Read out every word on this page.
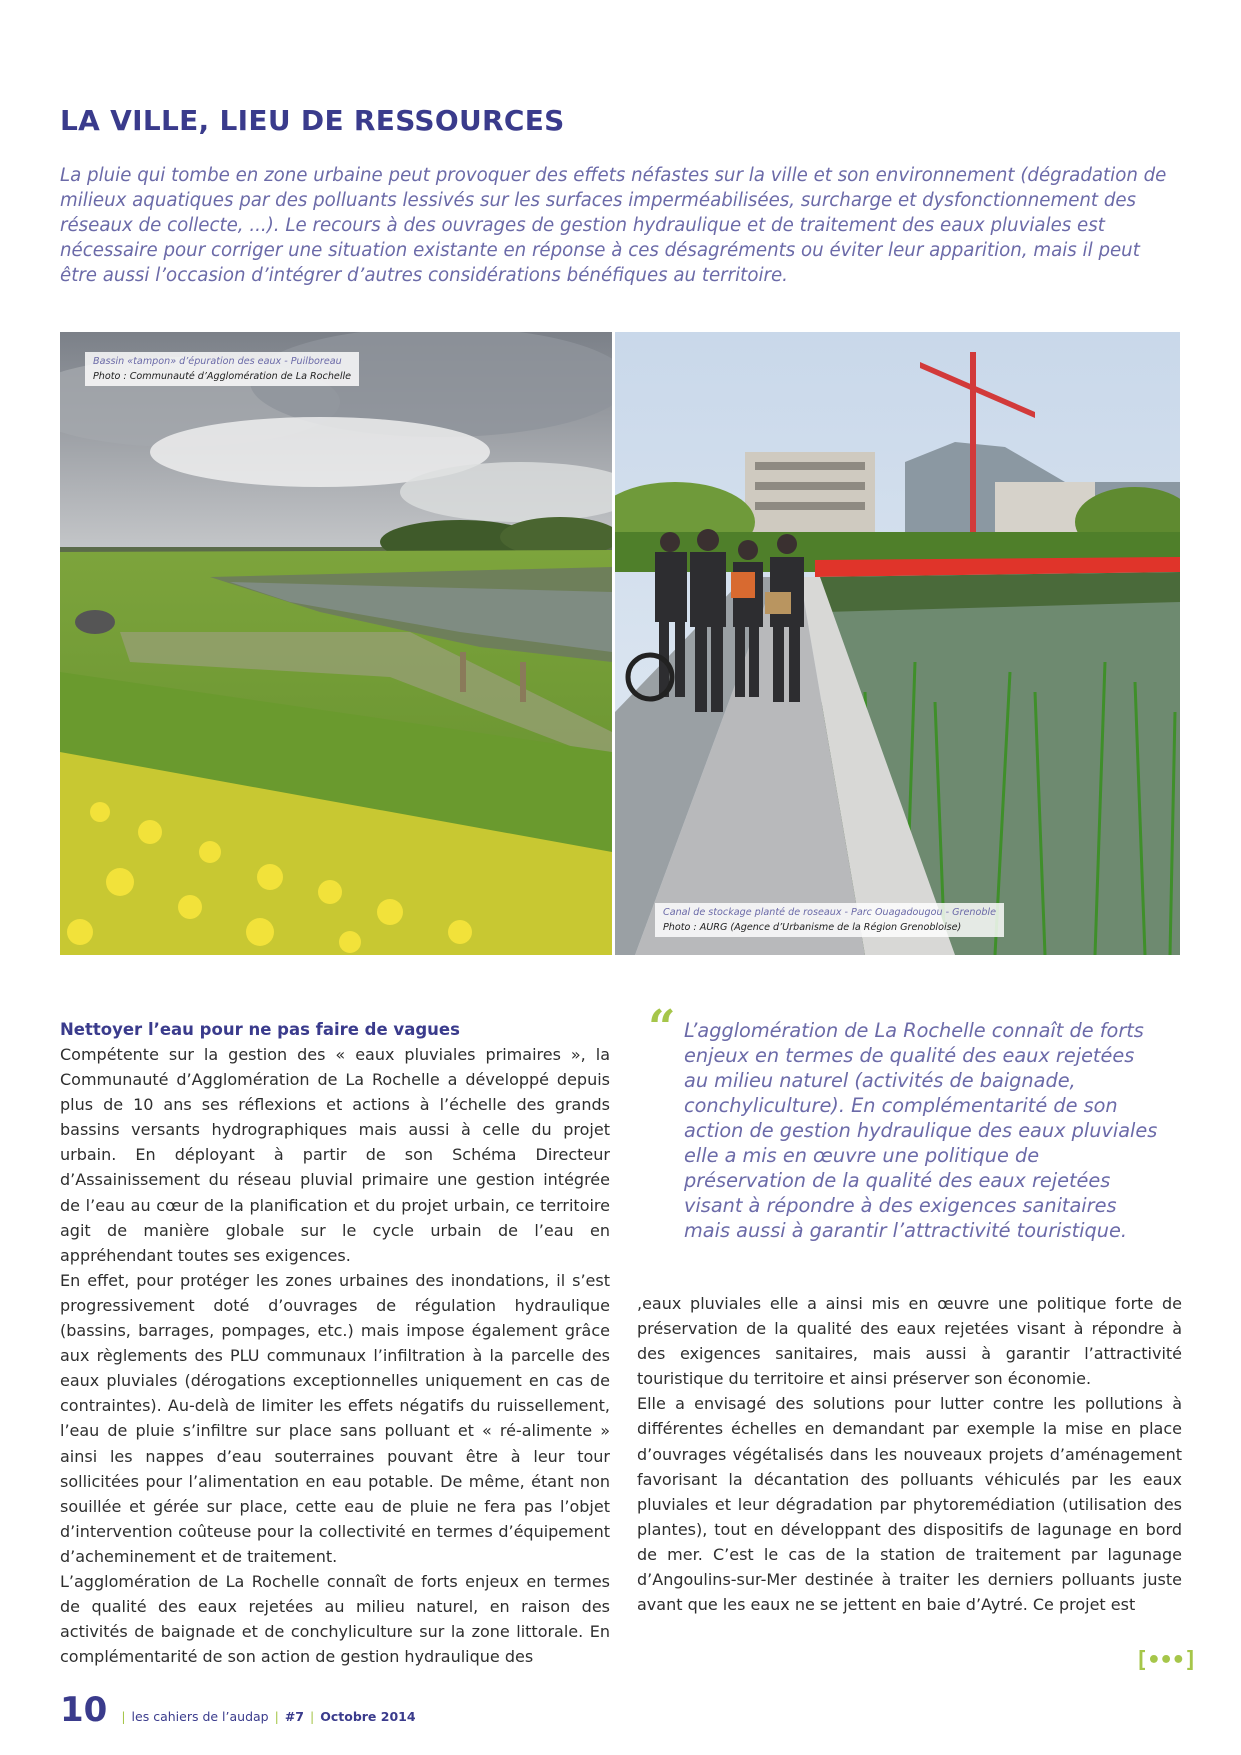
LA VILLE, LIEU DE RESSOURCES

La pluie qui tombe en zone urbaine peut provoquer des effets néfastes sur la ville et son environnement (dégradation de milieux aquatiques par des polluants lessivés sur les surfaces imperméabilisées, surcharge et dysfonctionnement des réseaux de collecte, ...). Le recours à des ouvrages de gestion hydraulique et de traitement des eaux pluviales est nécessaire pour corriger une situation existante en réponse à ces désagréments ou éviter leur apparition, mais il peut être aussi l’occasion d’intégrer d’autres considérations bénéfiques au territoire.

Bassin «tampon» d’épuration des eaux - Puilboreau
Photo : Communauté d’Agglomération de La Rochelle
Canal de stockage planté de roseaux - Parc Ouagadougou - Grenoble
Photo : AURG (Agence d’Urbanisme de la Région Grenobloise)
Nettoyer l’eau pour ne pas faire de vagues

Compétente sur la gestion des « eaux pluviales primaires », la Communauté d’Agglomération de La Rochelle a développé depuis plus de 10 ans ses réflexions et actions à l’échelle des grands bassins versants hydrographiques mais aussi à celle du projet urbain. En déployant à partir de son Schéma Directeur d’Assainissement du réseau pluvial primaire une gestion intégrée de l’eau au cœur de la planification et du projet urbain, ce territoire agit de manière globale sur le cycle urbain de l’eau en appréhendant toutes ses exigences.

En effet, pour protéger les zones urbaines des inondations, il s’est progressivement doté d’ouvrages de régulation hydraulique (bassins, barrages, pompages, etc.) mais impose également grâce aux règlements des PLU communaux l’infiltration à la parcelle des eaux pluviales (dérogations exceptionnelles uniquement en cas de contraintes). Au-delà de limiter les effets négatifs du ruissellement, l’eau de pluie s’infiltre sur place sans polluant et « ré-alimente » ainsi les nappes d’eau souterraines pouvant être à leur tour sollicitées pour l’alimentation en eau potable. De même, étant non souillée et gérée sur place, cette eau de pluie ne fera pas l’objet d’intervention coûteuse pour la collectivité en termes d’équipement d’acheminement et de traitement.

L’agglomération de La Rochelle connaît de forts enjeux en termes de qualité des eaux rejetées au milieu naturel, en raison des activités de baignade et de conchyliculture sur la zone littorale. En complémentarité de son action de gestion hydraulique des

“ L’agglomération de La Rochelle connaît de forts enjeux en termes de qualité des eaux rejetées au milieu naturel (activités de baignade, conchyliculture). En complémentarité de son action de gestion hydraulique des eaux pluviales elle a mis en œuvre une politique de préservation de la qualité des eaux rejetées visant à répondre à des exigences sanitaires mais aussi à garantir l’attractivité touristique.

,eaux pluviales elle a ainsi mis en œuvre une politique forte de préservation de la qualité des eaux rejetées visant à répondre à des exigences sanitaires, mais aussi à garantir l’attractivité touristique du territoire et ainsi préserver son économie.

Elle a envisagé des solutions pour lutter contre les pollutions à différentes échelles en demandant par exemple la mise en place d’ouvrages végétalisés dans les nouveaux projets d’aménagement favorisant la décantation des polluants véhiculés par les eaux pluviales et leur dégradation par phytoremédiation (utilisation des plantes), tout en développant des dispositifs de lagunage en bord de mer. C’est le cas de la station de traitement par lagunage d’Angoulins-sur-Mer destinée à traiter les derniers polluants juste avant que les eaux ne se jettent en baie d’Aytré. Ce projet est

[•••]
10	| les cahiers de l’audap | #7 | Octobre 2014
